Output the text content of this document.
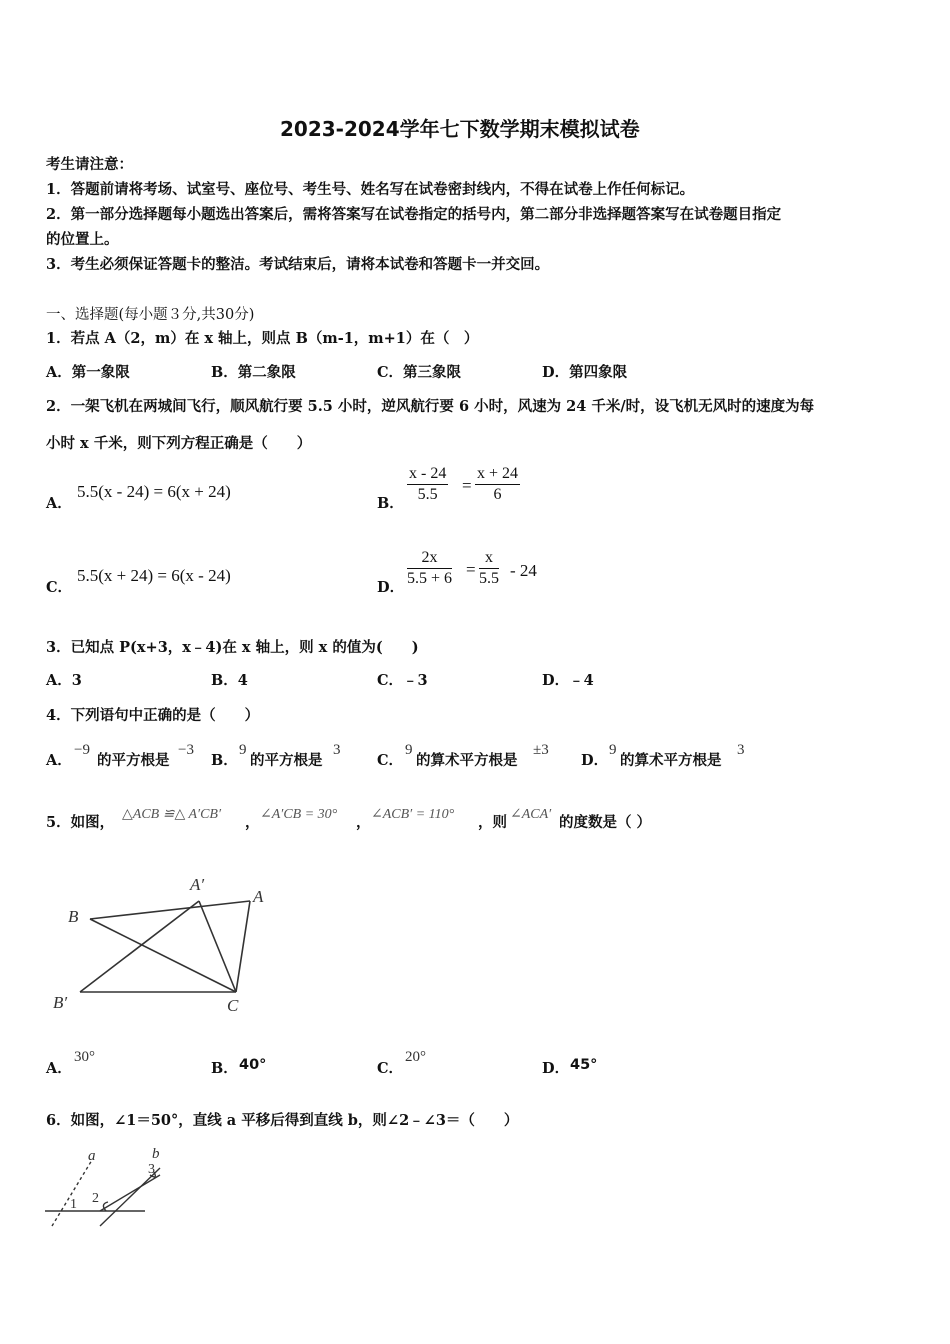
2023-2024学年七下数学期末模拟试卷
考生请注意：
1．答题前请将考场、试室号、座位号、考生号、姓名写在试卷密封线内，不得在试卷上作任何标记。
2．第一部分选择题每小题选出答案后，需将答案写在试卷指定的括号内，第二部分非选择题答案写在试卷题目指定
的位置上。
3．考生必须保证答题卡的整洁。考试结束后，请将本试卷和答题卡一并交回。
一、选择题(每小题３分,共30分)
1．若点 A（2，m）在 x 轴上，则点 B（m-1，m+1）在（　）
A．第一象限	B．第二象限	C．第三象限	D．第四象限
2．一架飞机在两城间飞行，顺风航行要 5.5 小时，逆风航行要 6 小时，风速为 24 千米/时，设飞机无风时的速度为每
小时 x 千米，则下列方程正确是（　　）
A．
5.5(x - 24) = 6(x + 24)
B． $\frac{x - 24}{5.5} = \frac{x + 24}{6}$
C．
5.5(x + 24) = 6(x - 24)
D． $\frac{2x}{5.5 + 6} = \frac{x}{5.5} - 24$
3．已知点 P(x+3，x﹣4)在 x 轴上，则 x 的值为(　　)
A．3	B．4	C．﹣3	D．﹣4
4．下列语句中正确的是（　　）
A．
−9
的平方根是
−3
B．
9
的平方根是
3
C．
9
的算术平方根是
±3
D．
9
的算术平方根是
3
5．如图， △ACB ≌△ A′CB′ ， ∠A′CB = 30° ， ∠ACB′ = 110° ，则 ∠ACA′ 的度数是（ ）
A′
A
B
B′	C
A．
30°
B． 40°	C．
20°
D． 45°
6．如图，∠1＝50°，直线 a 平移后得到直线 b，则∠2﹣∠3＝（　　）
a	b
1 2
3
